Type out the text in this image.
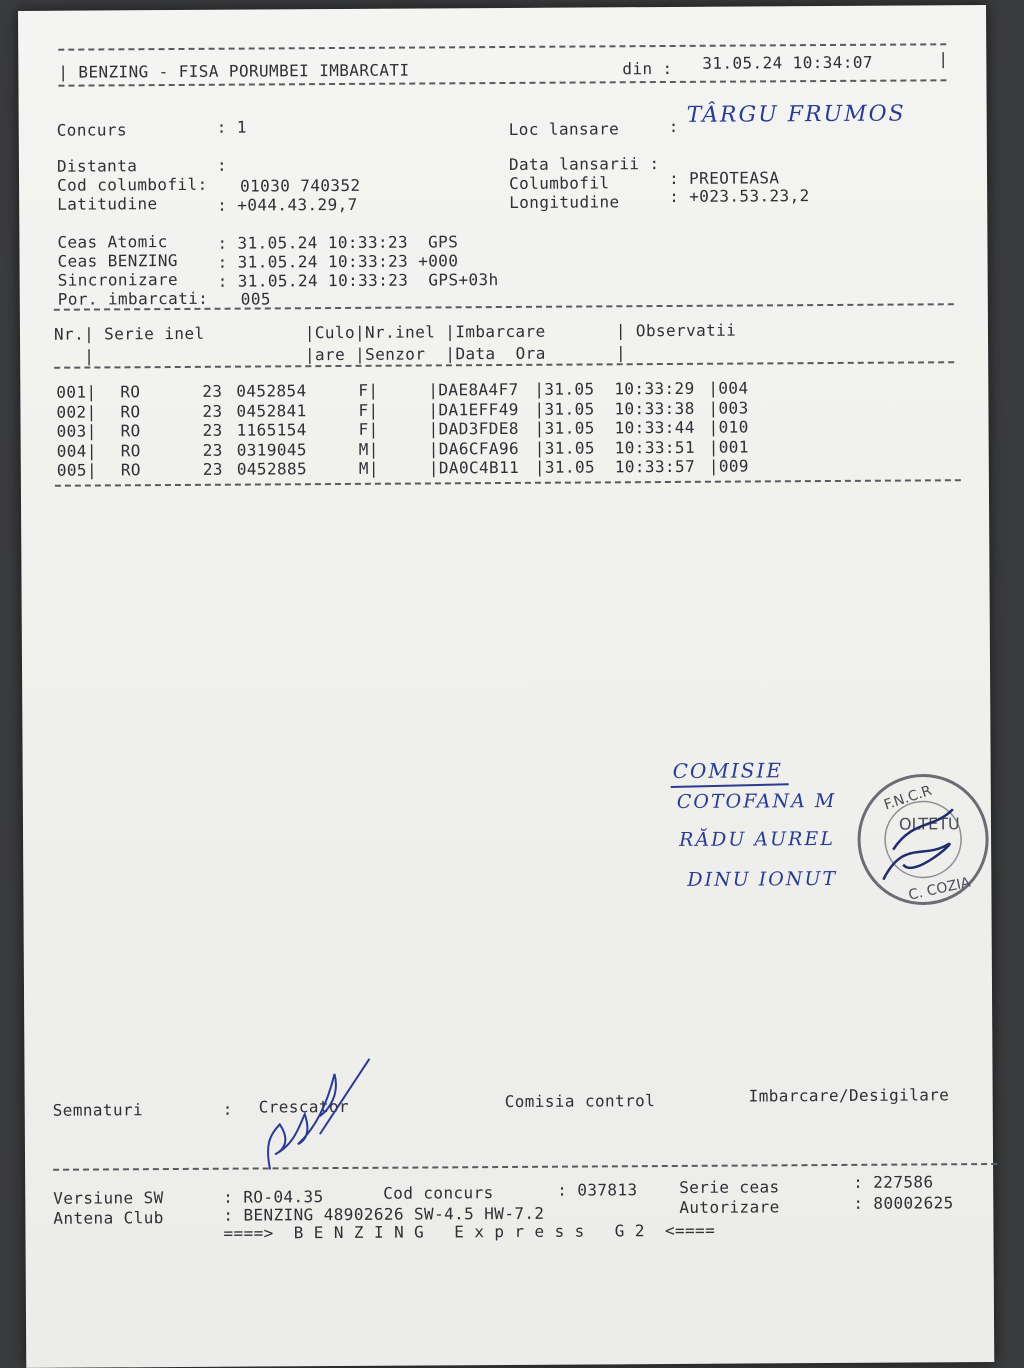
| BENZING - FISA PORUMBEI IMBARCATI	din : 31.05.24 10:34:07	|
Concurs	: 1	Loc lansare	: TÂRGU FRUMOS
Distanta	:
Cod columbofil: 01030 740352
Latitudine	: +044.43.29,7
Data lansarii :
Columbofil	: PREOTEASA
Longitudine	: +023.53.23,2
Ceas Atomic	: 31.05.24 10:33:23  GPS
Ceas BENZING : 31.05.24 10:33:23 +000
Sincronizare : 31.05.24 10:33:23  GPS+03h
Por. imbarcati: 005
Nr.| Serie inel          |Culo|Nr.inel |Imbarcare       | Observatii
|                     |are |Senzor  |Data  Ora       |
001| RO	23 0452854	F|	|DAE8A4F7 |31.05 10:33:29 |004
002| RO	23 0452841	F|	|DA1EFF49 |31.05 10:33:38 |003
003| RO	23 1165154	F|	|DAD3FDE8 |31.05 10:33:44 |010
004| RO	23 0319045	M|	|DA6CFA96 |31.05 10:33:51 |001
005| RO	23 0452885	M|	|DA0C4B11 |31.05 10:33:57 |009
COMISIE
COTOFANA M
RĂDU AUREL
DINU IONUT
F.N.C.R
OLTETU
C. COZIA
Semnaturi	: Crescator	Comisia control	Imbarcare/Desigilare
Versiune SW	: RO-04.35	Cod concurs	: 037813	Serie ceas	: 227586
Antena Club	: BENZING 48902626 SW-4.5 HW-7.2	Autorizare	: 80002625
====>  B E N Z I N G   E x p r e s s   G 2  <====
